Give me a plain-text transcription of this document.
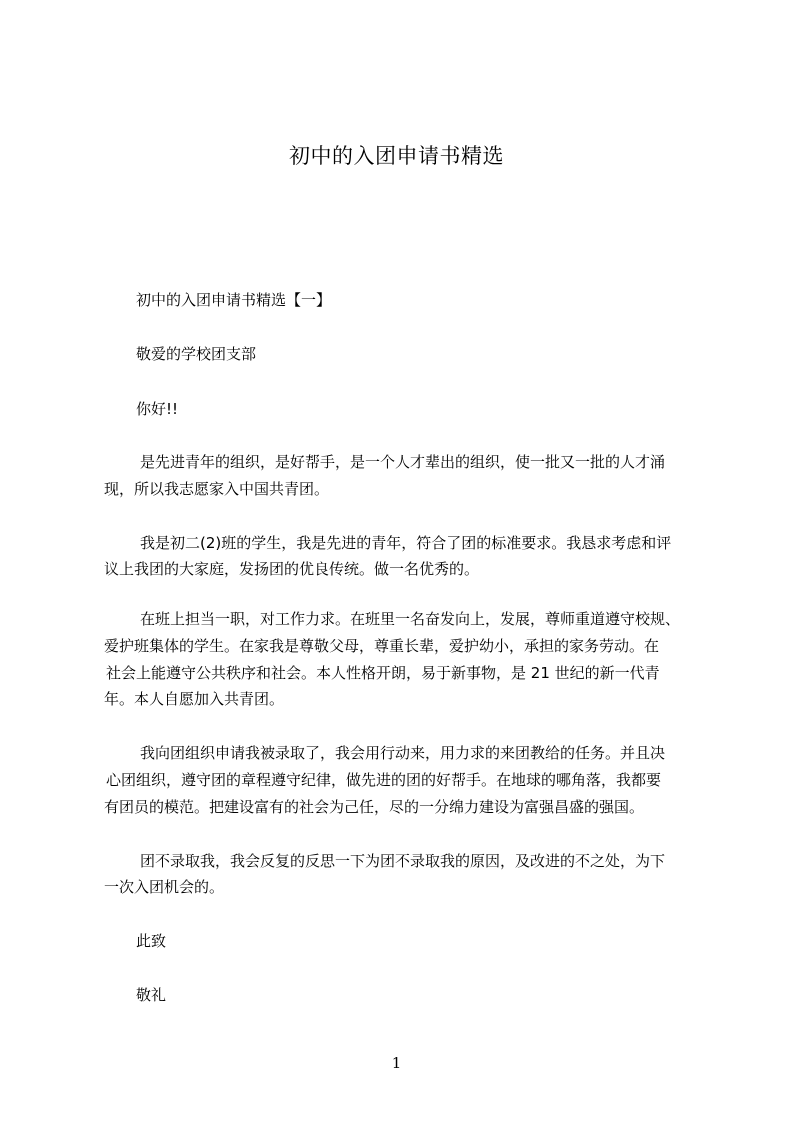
初中的入团申请书精选
初中的入团申请书精选【一】
敬爱的学校团支部
你好!!
是先进青年的组织，是好帮手，是一个人才辈出的组织，使一批又一批的人才涌
现，所以我志愿家入中国共青团。
我是初二(2)班的学生，我是先进的青年，符合了团的标准要求。我恳求考虑和评
议上我团的大家庭，发扬团的优良传统。做一名优秀的。
在班上担当一职，对工作力求。在班里一名奋发向上，发展，尊师重道遵守校规、
爱护班集体的学生。在家我是尊敬父母，尊重长辈，爱护幼小，承担的家务劳动。在
社会上能遵守公共秩序和社会。本人性格开朗，易于新事物，是 21 世纪的新一代青
年。本人自愿加入共青团。
我向团组织申请我被录取了，我会用行动来，用力求的来团教给的任务。并且决
心团组织，遵守团的章程遵守纪律，做先进的团的好帮手。在地球的哪角落，我都要
有团员的模范。把建设富有的社会为己任，尽的一分绵力建设为富强昌盛的强国。
团不录取我，我会反复的反思一下为团不录取我的原因，及改进的不之处，为下
一次入团机会的。
此致
敬礼
1
